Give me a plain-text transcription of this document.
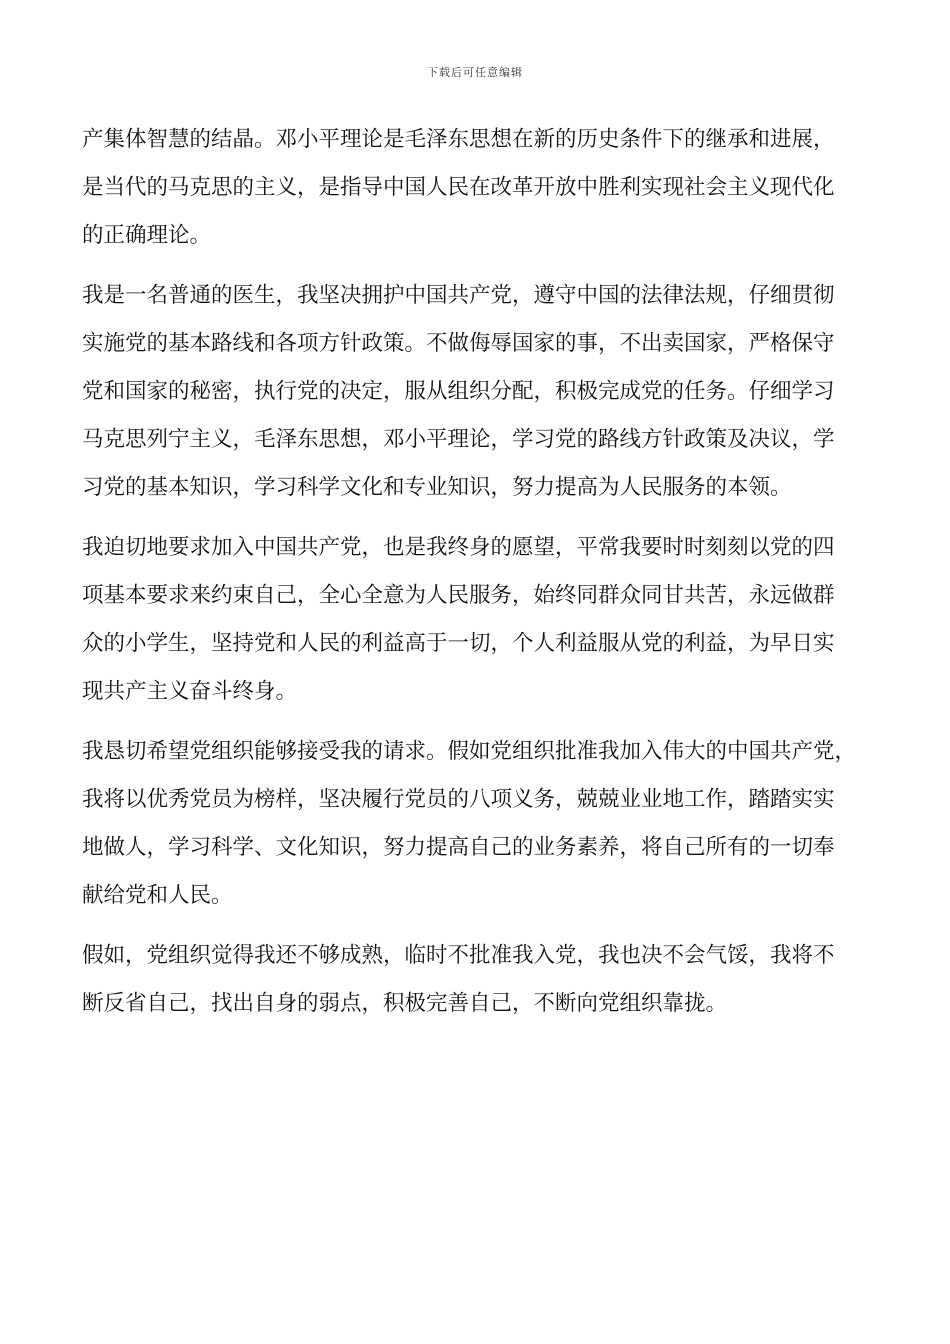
下载后可任意编辑
产集体智慧的结晶。邓小平理论是毛泽东思想在新的历史条件下的继承和进展，
是当代的马克思的主义，是指导中国人民在改革开放中胜利实现社会主义现代化
的正确理论。
我是一名普通的医生，我坚决拥护中国共产党，遵守中国的法律法规，仔细贯彻
实施党的基本路线和各项方针政策。不做侮辱国家的事，不出卖国家，严格保守
党和国家的秘密，执行党的决定，服从组织分配，积极完成党的任务。仔细学习
马克思列宁主义，毛泽东思想，邓小平理论，学习党的路线方针政策及决议，学
习党的基本知识，学习科学文化和专业知识，努力提高为人民服务的本领。
我迫切地要求加入中国共产党，也是我终身的愿望，平常我要时时刻刻以党的四
项基本要求来约束自己，全心全意为人民服务，始终同群众同甘共苦，永远做群
众的小学生，坚持党和人民的利益高于一切，个人利益服从党的利益，为早日实
现共产主义奋斗终身。
我恳切希望党组织能够接受我的请求。假如党组织批准我加入伟大的中国共产党，
我将以优秀党员为榜样，坚决履行党员的八项义务，兢兢业业地工作，踏踏实实
地做人，学习科学、文化知识，努力提高自己的业务素养，将自己所有的一切奉
献给党和人民。
假如，党组织觉得我还不够成熟，临时不批准我入党，我也决不会气馁，我将不
断反省自己，找出自身的弱点，积极完善自己，不断向党组织靠拢。
